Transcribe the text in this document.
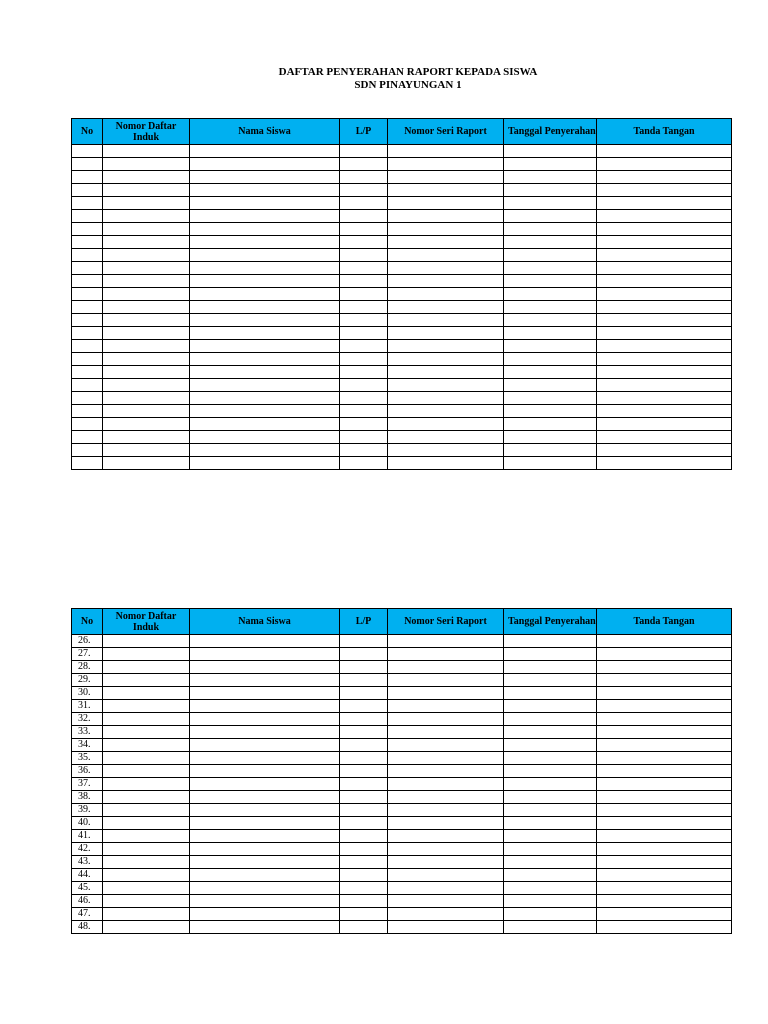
DAFTAR PENYERAHAN RAPORT KEPADA SISWA
SDN PINAYUNGAN 1
No	Nomor Daftar Induk	Nama Siswa	L/P	Nomor Seri Raport	Tanggal Penyerahan	Tanda Tangan

No	Nomor Daftar Induk	Nama Siswa	L/P	Nomor Seri Raport	Tanggal Penyerahan	Tanda Tangan
26.						
27.						
28.						
29.						
30.						
31.						
32.						
33.						
34.						
35.						
36.						
37.						
38.						
39.						
40.						
41.						
42.						
43.						
44.						
45.						
46.						
47.						
48.						
